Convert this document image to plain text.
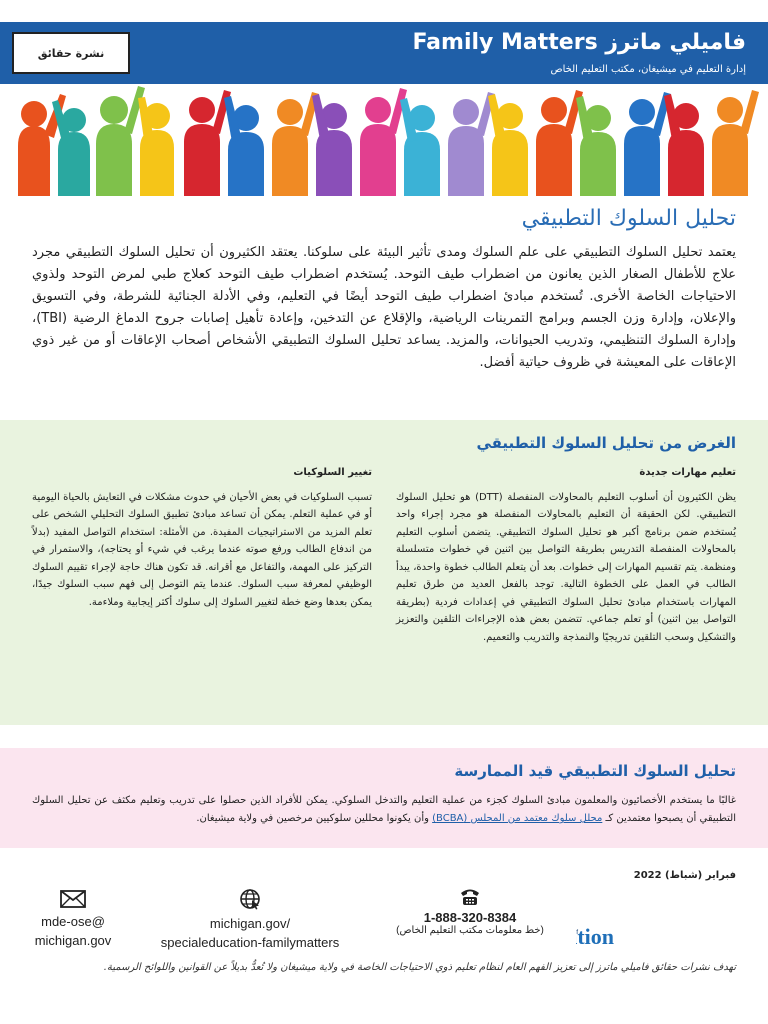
نشرة حقائق	فاميلي ماترز Family Matters
إدارة التعليم في ميشيغان، مكتب التعليم الخاص
تحليل السلوك التطبيقي

يعتمد تحليل السلوك التطبيقي على علم السلوك ومدى تأثير البيئة على سلوكنا. يعتقد الكثيرون أن تحليل السلوك التطبيقي مجرد علاج للأطفال الصغار الذين يعانون من اضطراب طيف التوحد. يُستخدم اضطراب طيف التوحد كعلاج طبي لمرض التوحد ولذوي الاحتياجات الخاصة الأخرى. تُستخدم مبادئ اضطراب طيف التوحد أيضًا في التعليم، وفي الأدلة الجنائية للشرطة، وفي التسويق والإعلان، وإدارة وزن الجسم وبرامج التمرينات الرياضية، والإقلاع عن التدخين، وإعادة تأهيل إصابات جروح الدماغ الرضية (TBI)، وإدارة السلوك التنظيمي، وتدريب الحيوانات، والمزيد. يساعد تحليل السلوك التطبيقي الأشخاص أصحاب الإعاقات أو من غير ذوي الإعاقات على المعيشة في ظروف حياتية أفضل.

الغرض من تحليل السلوك التطبيقي
تعليم مهارات جديدة

يظن الكثيرون أن أسلوب التعليم بالمحاولات المنفصلة (DTT) هو تحليل السلوك التطبيقي. لكن الحقيقة أن التعليم بالمحاولات المنفصلة هو مجرد إجراء واحد يُستخدم ضمن برنامج أكبر هو تحليل السلوك التطبيقي. يتضمن أسلوب التعليم بالمحاولات المنفصلة التدريس بطريقة التواصل بين اثنين في خطوات متسلسلة ومنظمة. يتم تقسيم المهارات إلى خطوات. بعد أن يتعلم الطالب خطوة واحدة، يبدأ الطالب في العمل على الخطوة التالية. توجد بالفعل العديد من طرق تعليم المهارات باستخدام مبادئ تحليل السلوك التطبيقي في إعدادات فردية (بطريقة التواصل بين اثنين) أو تعلم جماعي. تتضمن بعض هذه الإجراءات التلقين والتعزيز والتشكيل وسحب التلقين تدريجيًا والنمذجة والتدريب والتعميم.

تغيير السلوكيات

تسبب السلوكيات في بعض الأحيان في حدوث مشكلات في التعايش بالحياة اليومية أو في عملية التعلم. يمكن أن تساعد مبادئ تطبيق السلوك التحليلي الشخص على تعلم المزيد من الاستراتيجيات المفيدة. من الأمثلة: استخدام التواصل المفيد (بدلاً من اندفاع الطالب ورفع صوته عندما يرغب في شيء أو يحتاجه)، والاستمرار في التركيز على المهمة، والتفاعل مع أقرانه. قد تكون هناك حاجة لإجراء تقييم السلوك الوظيفي لمعرفة سبب السلوك. عندما يتم التوصل إلى فهم سبب السلوك جيدًا، يمكن بعدها وضع خطة لتغيير السلوك إلى سلوك أكثر إيجابية وملاءمة.

تحليل السلوك التطبيقي قيد الممارسة

غالبًا ما يستخدم الأخصائيون والمعلمون مبادئ السلوك كجزء من عملية التعليم والتدخل السلوكي. يمكن للأفراد الذين حصلوا على تدريب وتعليم مكثف عن تحليل السلوك التطبيقي أن يصبحوا معتمدين كـ محلل سلوك معتمد من المجلس (BCBA) وأن يكونوا محللين سلوكيين مرخصين في ولاية ميشيغان.

فبراير (شباط) 2022
f tion
1-888-320-8384
(خط معلومات مكتب التعليم الخاص)
michigan.gov/
specialeducation-familymatters
mde-ose@
michigan.gov

تهدف نشرات حقائق فاميلي ماترز إلى تعزيز الفهم العام لنظام تعليم ذوي الاحتياجات الخاصة في ولاية ميشيغان ولا تُعدُّ بديلاً عن القوانين واللوائح الرسمية.
